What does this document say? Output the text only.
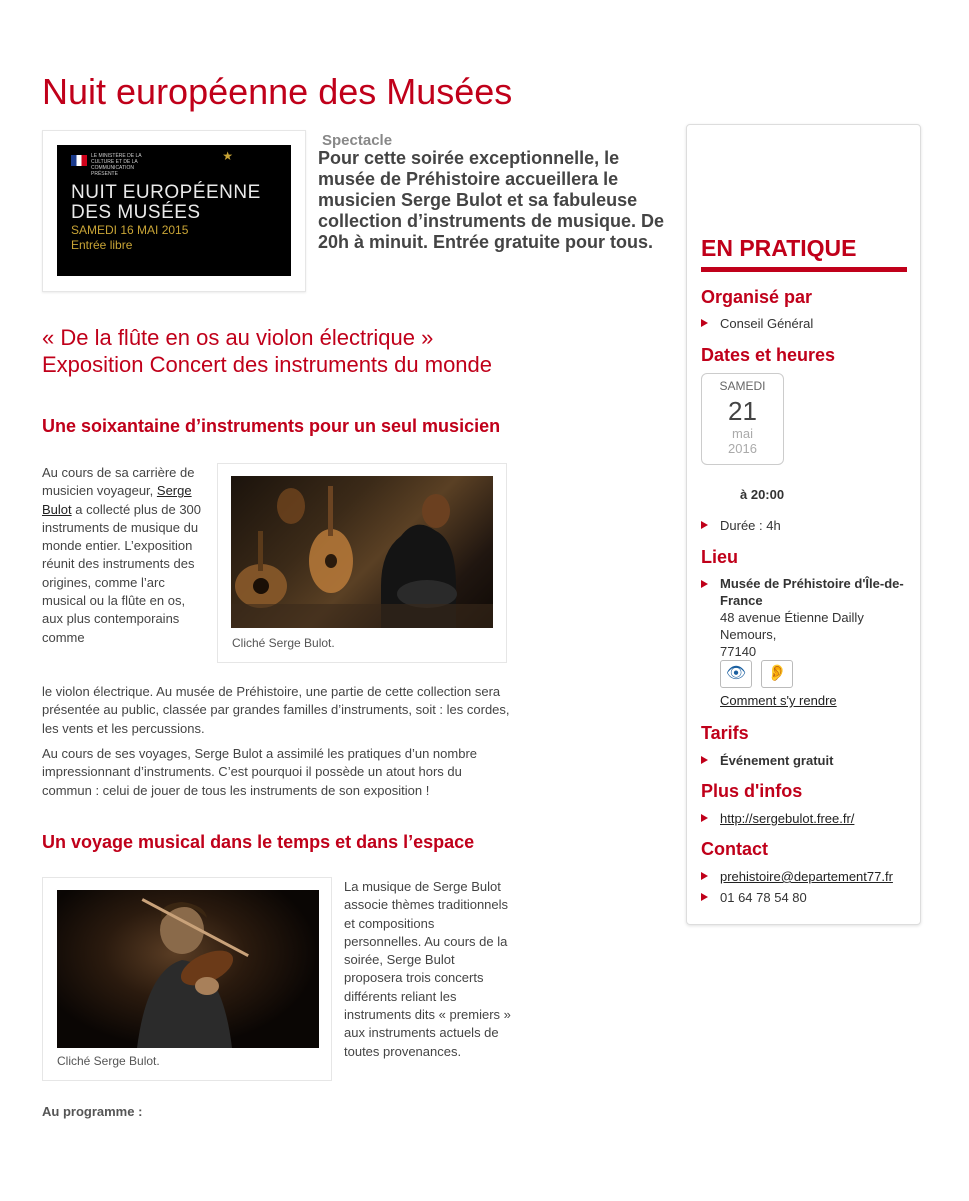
Nuit européenne des Musées
LE MINISTÈRE DE LA CULTURE ET DE LA COMMUNICATION PRÉSENTE
★
NUIT EUROPÉENNE DES MUSÉES
SAMEDI 16 MAI 2015
Entrée libre
Spectacle
Pour cette soirée exceptionnelle, le musée de Préhistoire accueillera le musicien Serge Bulot et sa fabuleuse collection d’instruments de musique. De 20h à minuit. Entrée gratuite pour tous.
« De la flûte en os au violon électrique » Exposition Concert des instruments du monde
Une soixantaine d’instruments pour un seul musicien
Cliché Serge Bulot.

Au cours de sa carrière de musicien voyageur, Serge Bulot a collecté plus de 300 instruments de musique du monde entier. L’exposition réunit des instruments des origines, comme l’arc musical ou la flûte en os, aux plus contemporains comme

le violon électrique. Au musée de Préhistoire, une partie de cette collection sera présentée au public, classée par grandes familles d’instruments, soit : les cordes, les vents et les percussions.

Au cours de ses voyages, Serge Bulot a assimilé les pratiques d’un nombre impressionnant d’instruments. C’est pourquoi il possède un atout hors du commun : celui de jouer de tous les instruments de son exposition !

Un voyage musical dans le temps et dans l’espace
Cliché Serge Bulot.

La musique de Serge Bulot associe thèmes traditionnels et compositions personnelles. Au cours de la soirée, Serge Bulot proposera trois concerts différents reliant les instruments dits « premiers » aux instruments actuels de toutes provenances.

Au programme :
EN PRATIQUE
Organisé par
Conseil Général
Dates et heures
SAMEDI
21
mai
2016
à 20:00
Durée : 4h
Lieu
Musée de Préhistoire d'Île-de-France
48 avenue Étienne Dailly
Nemours,
77140
👁	👂
Comment s'y rendre
Tarifs
Événement gratuit
Plus d'infos
http://sergebulot.free.fr/
Contact
prehistoire@departement77.fr
01 64 78 54 80
